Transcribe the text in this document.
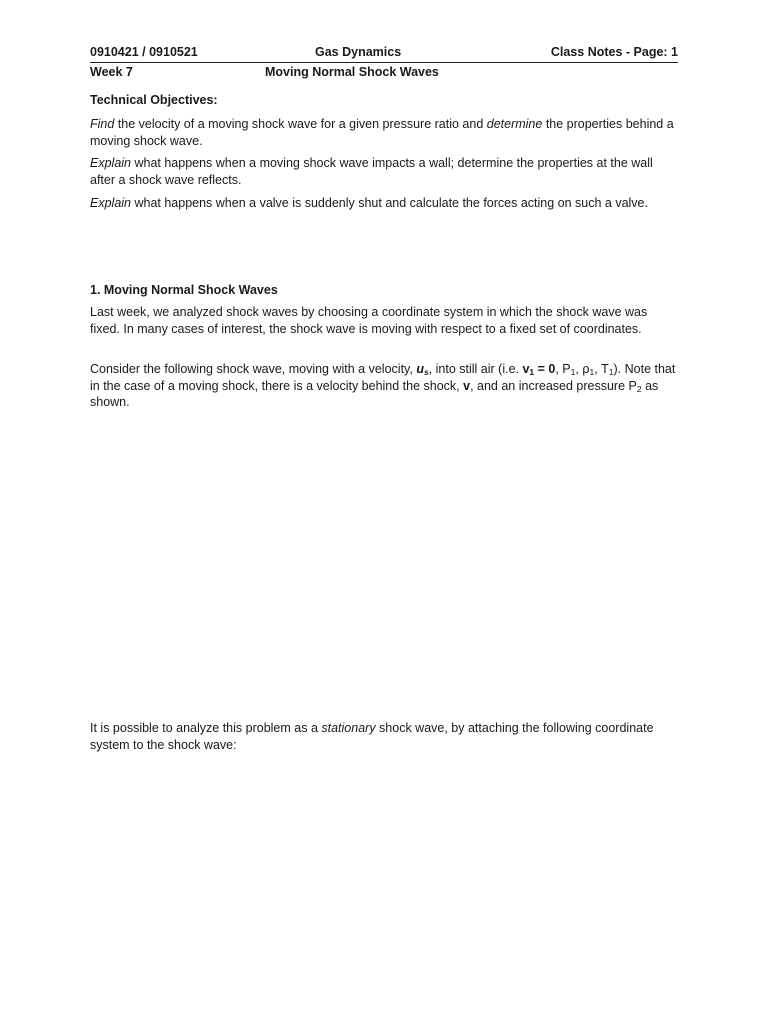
0910421 / 0910521	Gas Dynamics	Class Notes - Page: 1
Week 7	Moving Normal Shock Waves

Technical Objectives:

Find the velocity of a moving shock wave for a given pressure ratio and determine the properties behind a moving shock wave.

Explain what happens when a moving shock wave impacts a wall; determine the properties at the wall after a shock wave reflects.

Explain what happens when a valve is suddenly shut and calculate the forces acting on such a valve.

1. Moving Normal Shock Waves

Last week, we analyzed shock waves by choosing a coordinate system in which the shock wave was fixed. In many cases of interest, the shock wave is moving with respect to a fixed set of coordinates.

Consider the following shock wave, moving with a velocity, $u_s$, into still air (i.e. $v_1 = 0$, $P_1$, $\rho_1$, $T_1$). Note that in the case of a moving shock, there is a velocity behind the shock, v, and an increased pressure $P_2$ as shown.

It is possible to analyze this problem as a stationary shock wave, by attaching the following coordinate system to the shock wave:
